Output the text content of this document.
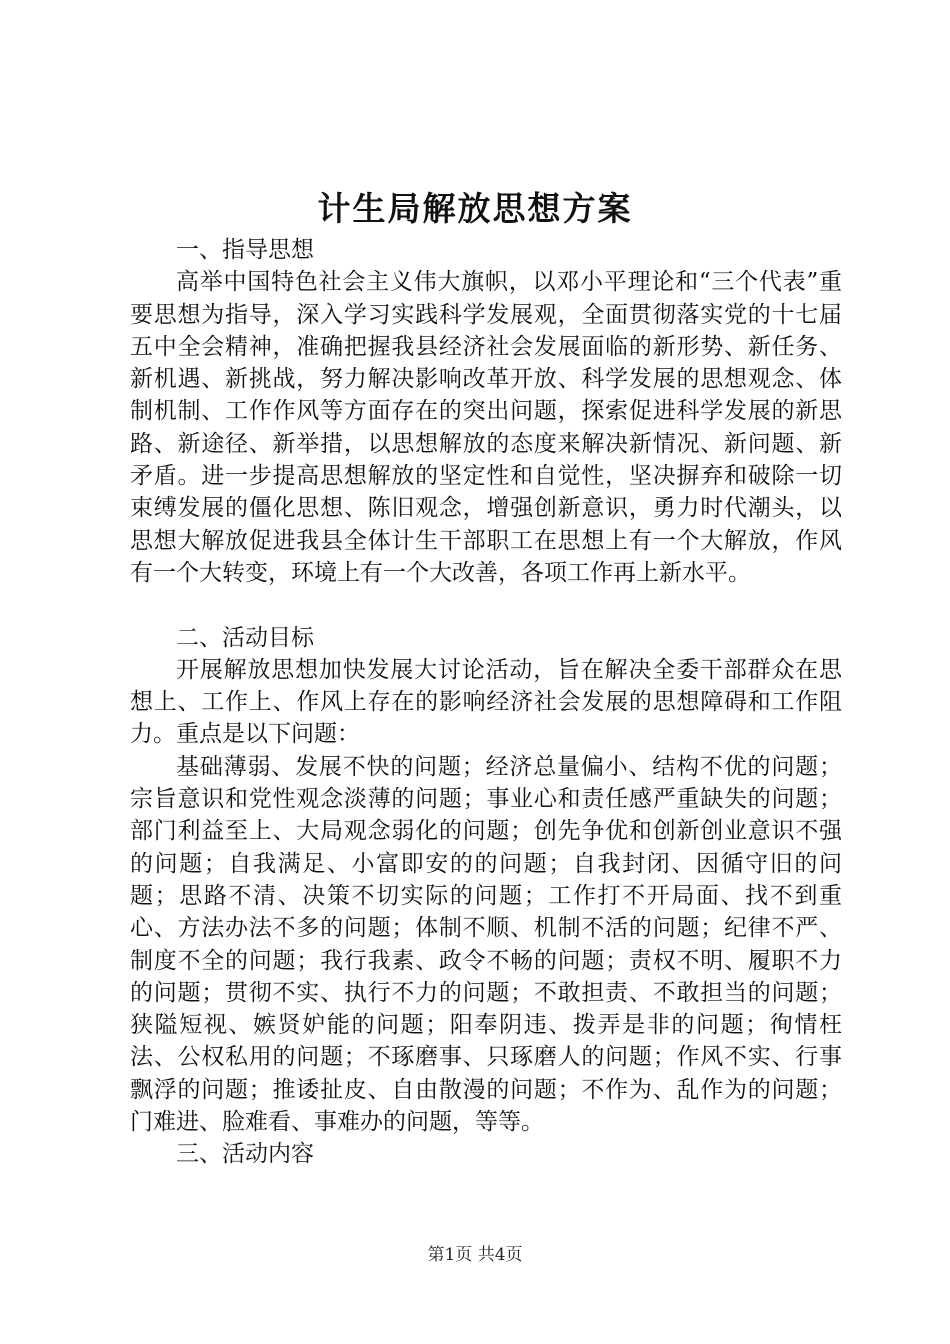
计生局解放思想方案

一、指导思想

高举中国特色社会主义伟大旗帜，以邓小平理论和“三个代表”重要思想为指导，深入学习实践科学发展观，全面贯彻落实党的十七届五中全会精神，准确把握我县经济社会发展面临的新形势、新任务、新机遇、新挑战，努力解决影响改革开放、科学发展的思想观念、体制机制、工作作风等方面存在的突出问题，探索促进科学发展的新思路、新途径、新举措，以思想解放的态度来解决新情况、新问题、新矛盾。进一步提高思想解放的坚定性和自觉性，坚决摒弃和破除一切束缚发展的僵化思想、陈旧观念，增强创新意识，勇力时代潮头，以思想大解放促进我县全体计生干部职工在思想上有一个大解放，作风有一个大转变，环境上有一个大改善，各项工作再上新水平。

二、活动目标

开展解放思想加快发展大讨论活动，旨在解决全委干部群众在思想上、工作上、作风上存在的影响经济社会发展的思想障碍和工作阻力。重点是以下问题：

基础薄弱、发展不快的问题；经济总量偏小、结构不优的问题；宗旨意识和党性观念淡薄的问题；事业心和责任感严重缺失的问题；部门利益至上、大局观念弱化的问题；创先争优和创新创业意识不强的问题；自我满足、小富即安的的问题；自我封闭、因循守旧的问题；思路不清、决策不切实际的问题；工作打不开局面、找不到重心、方法办法不多的问题；体制不顺、机制不活的问题；纪律不严、制度不全的问题；我行我素、政令不畅的问题；责权不明、履职不力的问题；贯彻不实、执行不力的问题；不敢担责、不敢担当的问题；狭隘短视、嫉贤妒能的问题；阳奉阴违、拨弄是非的问题；徇情枉法、公权私用的问题；不琢磨事、只琢磨人的问题；作风不实、行事飘浮的问题；推诿扯皮、自由散漫的问题；不作为、乱作为的问题；门难进、脸难看、事难办的问题，等等。

三、活动内容

第1页 共4页
